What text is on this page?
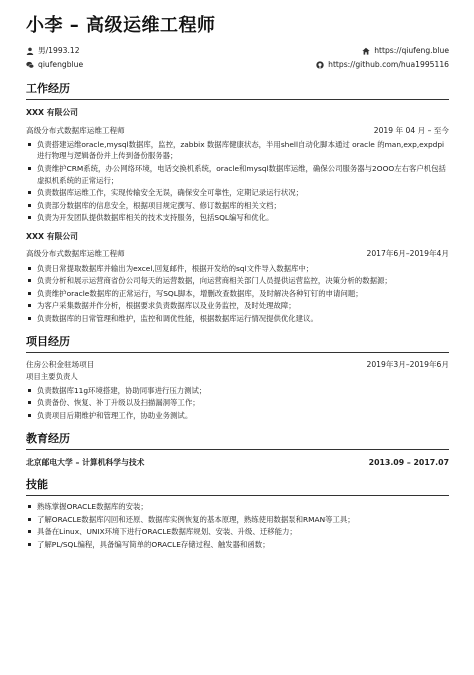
小李 – 高级运维工程师
男/1993.12	https://qiufeng.blue
qiufengblue	https://github.com/hua1995116
工作经历
XXX 有限公司
高级分布式数据库运维工程师	2019 年 04 月 – 至今
负责搭建运维oracle,mysql数据库，监控，zabbix 数据库健康状态，半用shell自动化脚本通过 oracle 的man,exp,expdpi 进行物理与逻辑备份并上传到备份服务器；
负责维护CRM系统，办公网络环境，电话交换机系统，oracle和mysql数据库运维，确保公司服务器与2OOO左右客户机包括虚拟机系统的正常运行；
负责数据库运维工作，实现传输安全无误，确保安全可靠性，定期记录运行状况；
负责部分数据库的信息安全，根据项目规定撰写、修订数据库的相关文档；
负责为开发团队提供数据库相关的技术支持服务，包括SQL编写和优化。
XXX 有限公司
高级分布式数据库运维工程师	2017年6月–2019年4月
负责日常提取数据库并输出为excel,回复邮件，根据开发给的sql文件导入数据库中；
负责分析和展示运营商省份公司每天的运营数据，向运营商相关部门人员提供运营监控，决策分析的数据源；
负责维护oracle数据库的正常运行，写SQL脚本，增删改查数据库，及时解决各种钉钉的申请问题；
为客户采集数据并作分析，根据要求负责数据库以及业务监控，及时处理故障；
负责数据库的日常管理和维护，监控和调优性能，根据数据库运行情况提供优化建议。
项目经历
住房公积金驻场项目	2019年3月–2019年6月
项目主要负责人
负责数据库11g环境搭建，协助同事进行压力测试；
负责备份、恢复、补丁升级以及扫描漏洞等工作；
负责项目后期维护和管理工作，协助业务测试。
教育经历
北京邮电大学 – 计算机科学与技术	2013.09 – 2017.07
技能
熟练掌握ORACLE数据库的安装；
了解ORACLE数据库闪回和还原、数据库实例恢复的基本原理，熟练使用数据泵和RMAN等工具；
具备在Linux、UNIX环境下进行ORACLE数据库规划、安装、升级、迁移能力；
了解PL/SQL编程，具备编写简单的ORACLE存储过程、触发器和函数；
